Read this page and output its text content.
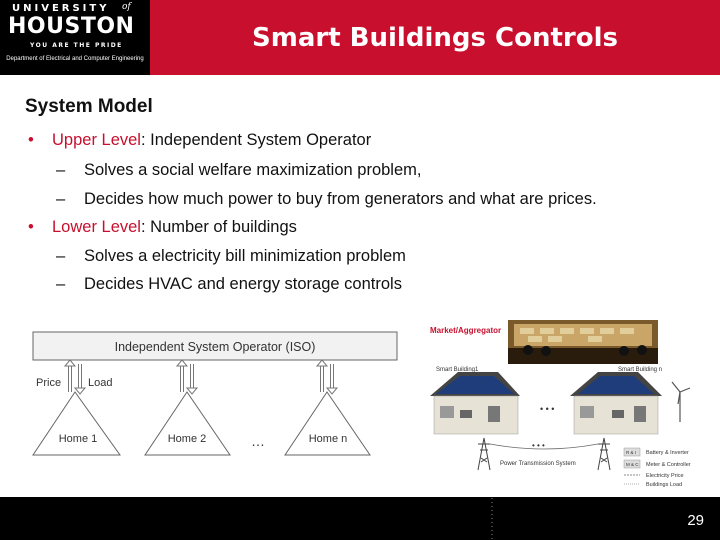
UNIVERSITY of
HOUSTON
YOU ARE THE PRIDE
Department of Electrical and Computer Engineering
Smart Buildings Controls
System Model
• Upper Level: Independent System Operator
– Solves a social welfare maximization problem,
– Decides how much power to buy from generators and what are prices.
• Lower Level: Number of buildings
– Solves a electricity bill minimization problem
– Decides HVAC and energy storage controls
Independent System Operator (ISO)
Price Load
Home 1	Home 2	Home n
…
Market/Aggregator
Smart Building1
• • •
Smart Building n
• • •
Power Transmission System
R & I Battery & Inverter
M & C Meter & Controller
Electricity Price
Buildings Load
29
